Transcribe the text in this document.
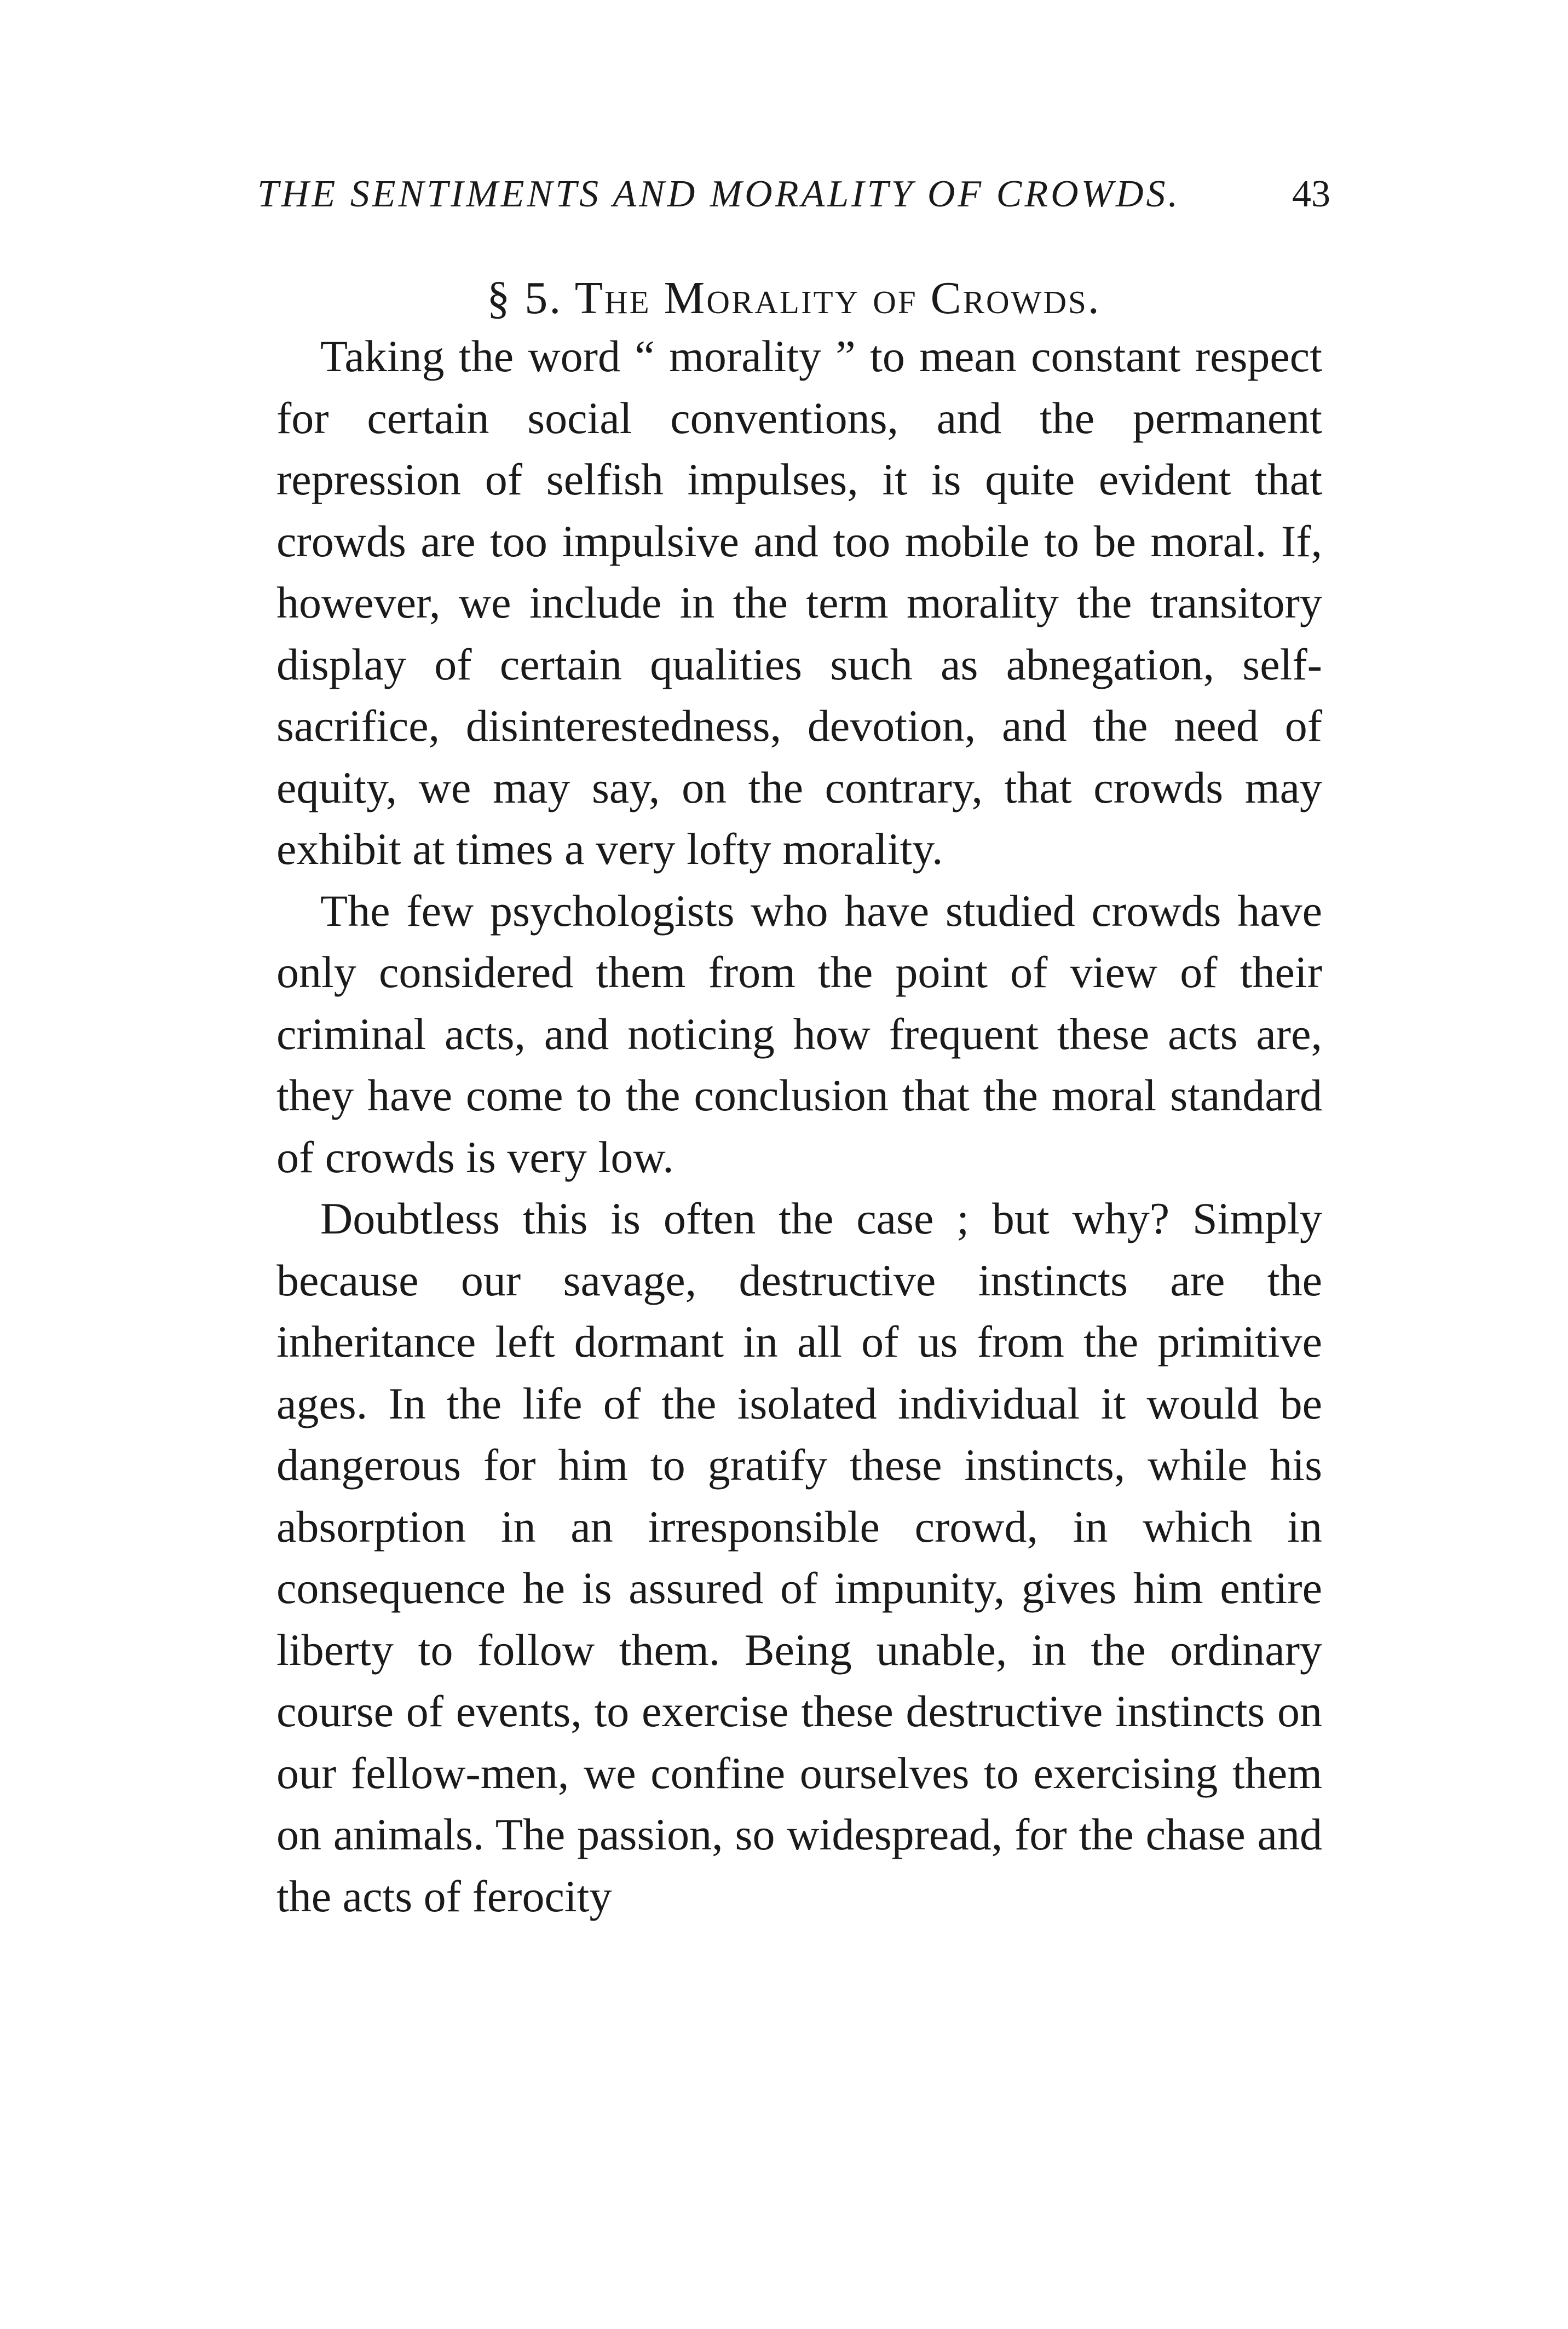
THE SENTIMENTS AND MORALITY OF CROWDS.	43
§ 5. The Morality of Crowds.

Taking the word “ morality ” to mean constant respect for certain social conventions, and the permanent repression of selfish impulses, it is quite evident that crowds are too impulsive and too mobile to be moral. If, however, we include in the term morality the transitory display of certain qualities such as abnegation, self-sacrifice, disinterestedness, devotion, and the need of equity, we may say, on the contrary, that crowds may exhibit at times a very lofty morality.

The few psychologists who have studied crowds have only considered them from the point of view of their criminal acts, and noticing how frequent these acts are, they have come to the conclusion that the moral standard of crowds is very low.

Doubtless this is often the case ; but why? Simply because our savage, destructive instincts are the inheritance left dormant in all of us from the primitive ages. In the life of the isolated individual it would be dangerous for him to gratify these instincts, while his absorption in an irresponsible crowd, in which in consequence he is assured of impunity, gives him entire liberty to follow them. Being unable, in the ordinary course of events, to exercise these destructive instincts on our fellow-men, we confine ourselves to exercising them on animals. The passion, so widespread, for the chase and the acts of ferocity
